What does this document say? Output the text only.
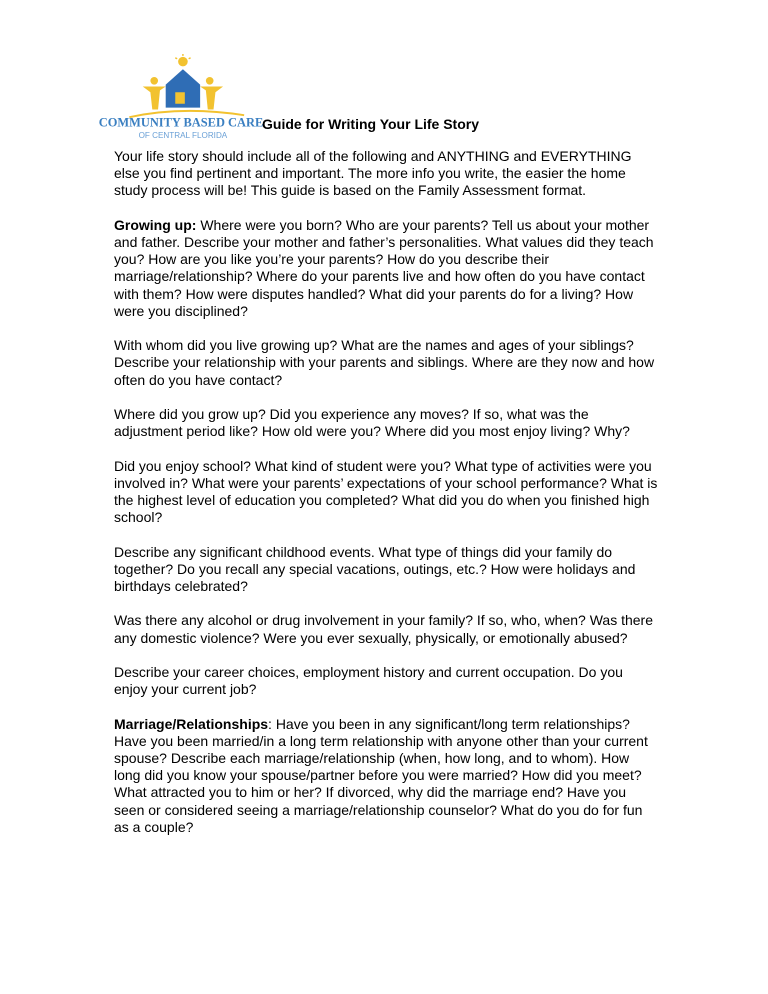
COMMUNITY BASED CARE
OF CENTRAL FLORIDA
Guide for Writing Your Life Story

Your life story should include all of the following and ANYTHING and EVERYTHING else you find pertinent and important. The more info you write, the easier the home study process will be! This guide is based on the Family Assessment format.

Growing up: Where were you born? Who are your parents? Tell us about your mother and father. Describe your mother and father’s personalities. What values did they teach you? How are you like you’re your parents? How do you describe their marriage/relationship? Where do your parents live and how often do you have contact with them? How were disputes handled? What did your parents do for a living? How were you disciplined?

With whom did you live growing up? What are the names and ages of your siblings? Describe your relationship with your parents and siblings. Where are they now and how often do you have contact?

Where did you grow up? Did you experience any moves? If so, what was the adjustment period like? How old were you? Where did you most enjoy living? Why?

Did you enjoy school? What kind of student were you? What type of activities were you involved in? What were your parents’ expectations of your school performance? What is the highest level of education you completed? What did you do when you finished high school?

Describe any significant childhood events. What type of things did your family do together? Do you recall any special vacations, outings, etc.? How were holidays and birthdays celebrated?

Was there any alcohol or drug involvement in your family? If so, who, when? Was there any domestic violence? Were you ever sexually, physically, or emotionally abused?

Describe your career choices, employment history and current occupation. Do you enjoy your current job?

Marriage/Relationships: Have you been in any significant/long term relationships?

Have you been married/in a long term relationship with anyone other than your current spouse? Describe each marriage/relationship (when, how long, and to whom). How long did you know your spouse/partner before you were married? How did you meet? What attracted you to him or her? If divorced, why did the marriage end? Have you seen or considered seeing a marriage/relationship counselor? What do you do for fun as a couple?
